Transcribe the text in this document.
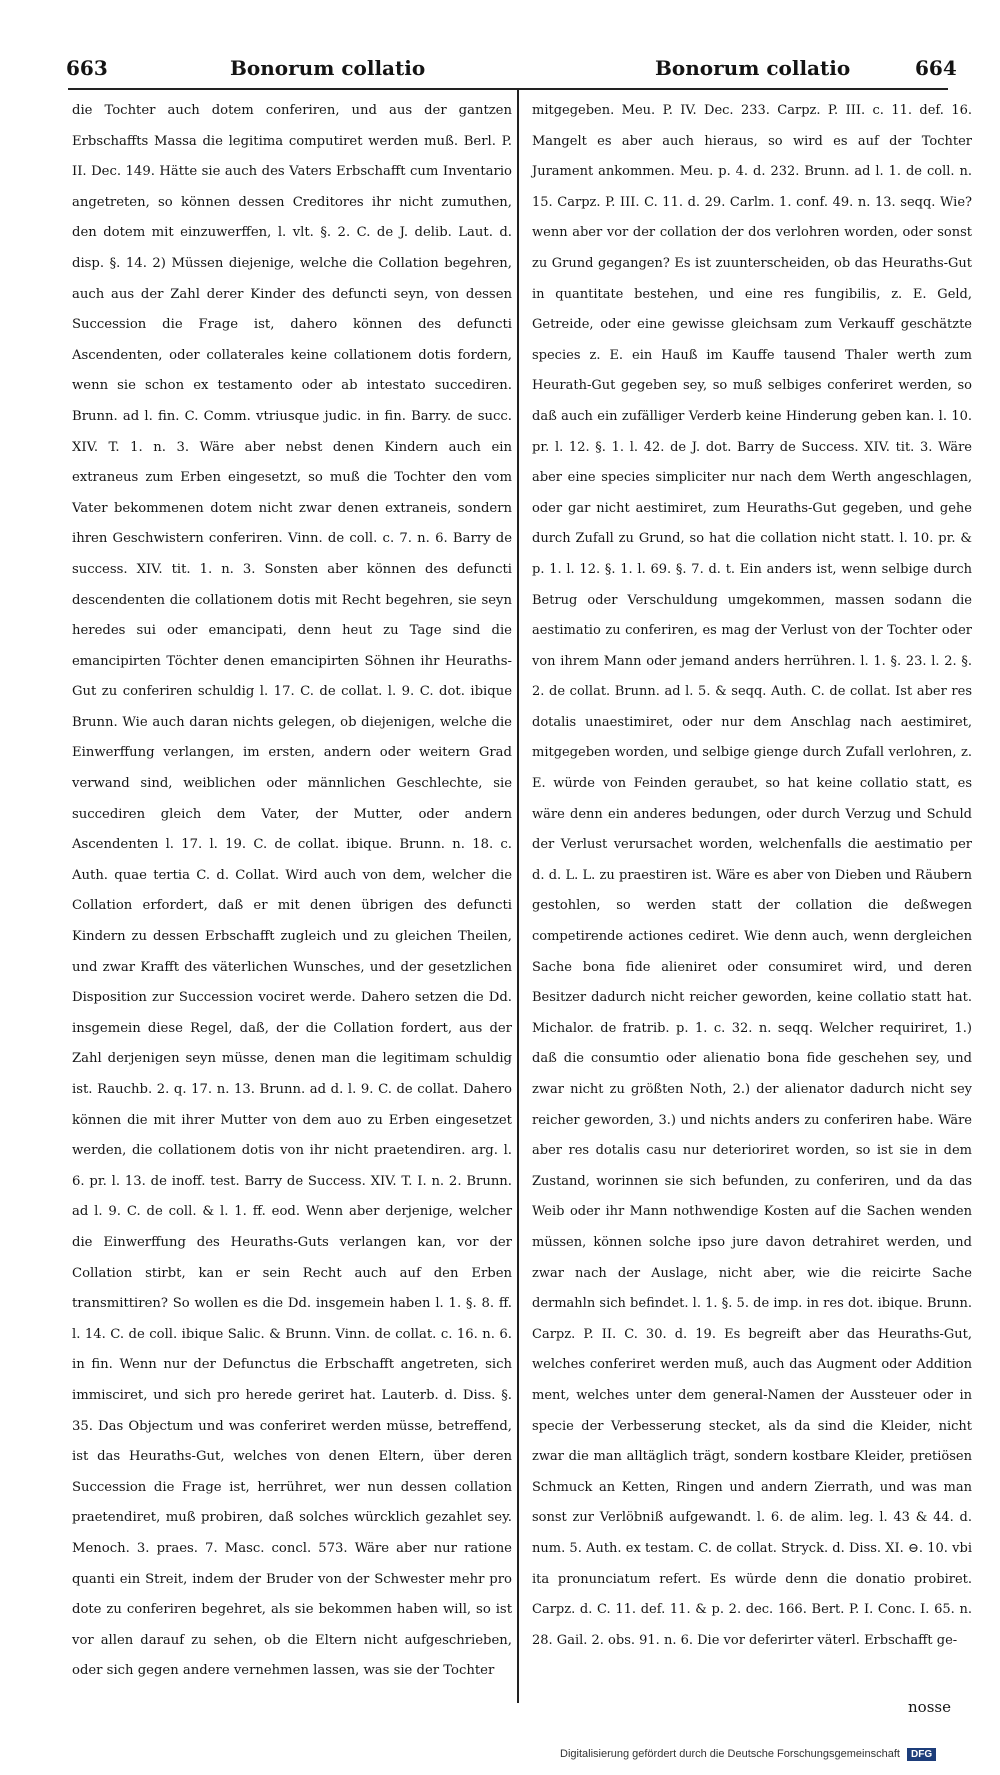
663	Bonorum collatio	Bonorum collatio	664
die Tochter auch dotem conferiren, und aus der gantzen Erbschaffts Massa die legitima computiret werden muß. Berl. P. II. Dec. 149. Hätte sie auch des Vaters Erbschafft cum Inventario angetreten, so können dessen Creditores ihr nicht zumuthen, den dotem mit einzuwerffen, l. vlt. §. 2. C. de J. delib. Laut. d. disp. §. 14. 2) Müssen diejenige, welche die Collation begehren, auch aus der Zahl derer Kinder des defuncti seyn, von dessen Succession die Frage ist, dahero können des defuncti Ascendenten, oder collaterales keine collationem dotis fordern, wenn sie schon ex testamento oder ab intestato succediren. Brunn. ad l. fin. C. Comm. vtriusque judic. in fin. Barry. de succ. XIV. T. 1. n. 3. Wäre aber nebst denen Kindern auch ein extraneus zum Erben eingesetzt, so muß die Tochter den vom Vater bekommenen dotem nicht zwar denen extraneis, sondern ihren Geschwistern conferiren. Vinn. de coll. c. 7. n. 6. Barry de success. XIV. tit. 1. n. 3. Sonsten aber können des defuncti descendenten die collationem dotis mit Recht begehren, sie seyn heredes sui oder emancipati, denn heut zu Tage sind die emancipirten Töchter denen emancipirten Söhnen ihr Heuraths-Gut zu conferiren schuldig l. 17. C. de collat. l. 9. C. dot. ibique Brunn. Wie auch daran nichts gelegen, ob diejenigen, welche die Einwerffung verlangen, im ersten, andern oder weitern Grad verwand sind, weiblichen oder männlichen Geschlechte, sie succediren gleich dem Vater, der Mutter, oder andern Ascendenten l. 17. l. 19. C. de collat. ibique. Brunn. n. 18. c. Auth. quae tertia C. d. Collat. Wird auch von dem, welcher die Collation erfordert, daß er mit denen übrigen des defuncti Kindern zu dessen Erbschafft zugleich und zu gleichen Theilen, und zwar Krafft des väterlichen Wunsches, und der gesetzlichen Disposition zur Succession vociret werde. Dahero setzen die Dd. insgemein diese Regel, daß, der die Collation fordert, aus der Zahl derjenigen seyn müsse, denen man die legitimam schuldig ist. Rauchb. 2. q. 17. n. 13. Brunn. ad d. l. 9. C. de collat. Dahero können die mit ihrer Mutter von dem auo zu Erben eingesetzet werden, die collationem dotis von ihr nicht praetendiren. arg. l. 6. pr. l. 13. de inoff. test. Barry de Success. XIV. T. I. n. 2. Brunn. ad l. 9. C. de coll. & l. 1. ff. eod. Wenn aber derjenige, welcher die Einwerffung des Heuraths-Guts verlangen kan, vor der Collation stirbt, kan er sein Recht auch auf den Erben transmittiren? So wollen es die Dd. insgemein haben l. 1. §. 8. ff. l. 14. C. de coll. ibique Salic. & Brunn. Vinn. de collat. c. 16. n. 6. in fin. Wenn nur der Defunctus die Erbschafft angetreten, sich immisciret, und sich pro herede geriret hat. Lauterb. d. Diss. §. 35. Das Objectum und was conferiret werden müsse, betreffend, ist das Heuraths-Gut, welches von denen Eltern, über deren Succession die Frage ist, herrühret, wer nun dessen collation praetendiret, muß probiren, daß solches würcklich gezahlet sey. Menoch. 3. praes. 7. Masc. concl. 573. Wäre aber nur ratione quanti ein Streit, indem der Bruder von der Schwester mehr pro dote zu conferiren begehret, als sie bekommen haben will, so ist vor allen darauf zu sehen, ob die Eltern nicht aufgeschrieben, oder sich gegen andere vernehmen lassen, was sie der Tochter
mitgegeben. Meu. P. IV. Dec. 233. Carpz. P. III. c. 11. def. 16. Mangelt es aber auch hieraus, so wird es auf der Tochter Jurament ankommen. Meu. p. 4. d. 232. Brunn. ad l. 1. de coll. n. 15. Carpz. P. III. C. 11. d. 29. Carlm. 1. conf. 49. n. 13. seqq. Wie? wenn aber vor der collation der dos verlohren worden, oder sonst zu Grund gegangen? Es ist zuunterscheiden, ob das Heuraths-Gut in quantitate bestehen, und eine res fungibilis, z. E. Geld, Getreide, oder eine gewisse gleichsam zum Verkauff geschätzte species z. E. ein Hauß im Kauffe tausend Thaler werth zum Heurath-Gut gegeben sey, so muß selbiges conferiret werden, so daß auch ein zufälliger Verderb keine Hinderung geben kan. l. 10. pr. l. 12. §. 1. l. 42. de J. dot. Barry de Success. XIV. tit. 3. Wäre aber eine species simpliciter nur nach dem Werth angeschlagen, oder gar nicht aestimiret, zum Heuraths-Gut gegeben, und gehe durch Zufall zu Grund, so hat die collation nicht statt. l. 10. pr. & p. 1. l. 12. §. 1. l. 69. §. 7. d. t. Ein anders ist, wenn selbige durch Betrug oder Verschuldung umgekommen, massen sodann die aestimatio zu conferiren, es mag der Verlust von der Tochter oder von ihrem Mann oder jemand anders herrühren. l. 1. §. 23. l. 2. §. 2. de collat. Brunn. ad l. 5. & seqq. Auth. C. de collat. Ist aber res dotalis unaestimiret, oder nur dem Anschlag nach aestimiret, mitgegeben worden, und selbige gienge durch Zufall verlohren, z. E. würde von Feinden geraubet, so hat keine collatio statt, es wäre denn ein anderes bedungen, oder durch Verzug und Schuld der Verlust verursachet worden, welchenfalls die aestimatio per d. d. L. L. zu praestiren ist. Wäre es aber von Dieben und Räubern gestohlen, so werden statt der collation die deßwegen competirende actiones cediret. Wie denn auch, wenn dergleichen Sache bona fide alieniret oder consumiret wird, und deren Besitzer dadurch nicht reicher geworden, keine collatio statt hat. Michalor. de fratrib. p. 1. c. 32. n. seqq. Welcher requiriret, 1.) daß die consumtio oder alienatio bona fide geschehen sey, und zwar nicht zu größten Noth, 2.) der alienator dadurch nicht sey reicher geworden, 3.) und nichts anders zu conferiren habe. Wäre aber res dotalis casu nur deterioriret worden, so ist sie in dem Zustand, worinnen sie sich befunden, zu conferiren, und da das Weib oder ihr Mann nothwendige Kosten auf die Sachen wenden müssen, können solche ipso jure davon detrahiret werden, und zwar nach der Auslage, nicht aber, wie die reicirte Sache dermahln sich befindet. l. 1. §. 5. de imp. in res dot. ibique. Brunn. Carpz. P. II. C. 30. d. 19. Es begreift aber das Heuraths-Gut, welches conferiret werden muß, auch das Augment oder Addition ment, welches unter dem general-Namen der Aussteuer oder in specie der Verbesserung stecket, als da sind die Kleider, nicht zwar die man alltäglich trägt, sondern kostbare Kleider, pretiösen Schmuck an Ketten, Ringen und andern Zierrath, und was man sonst zur Verlöbniß aufgewandt. l. 6. de alim. leg. l. 43 & 44. d. num. 5. Auth. ex testam. C. de collat. Stryck. d. Diss. XI. ⊖. 10. vbi ita pronunciatum refert. Es würde denn die donatio probiret. Carpz. d. C. 11. def. 11. & p. 2. dec. 166. Bert. P. I. Conc. I. 65. n. 28. Gail. 2. obs. 91. n. 6. Die vor deferirter väterl. Erbschafft ge-
nosse
Digitalisierung gefördert durch die Deutsche Forschungsgemeinschaft DFG
